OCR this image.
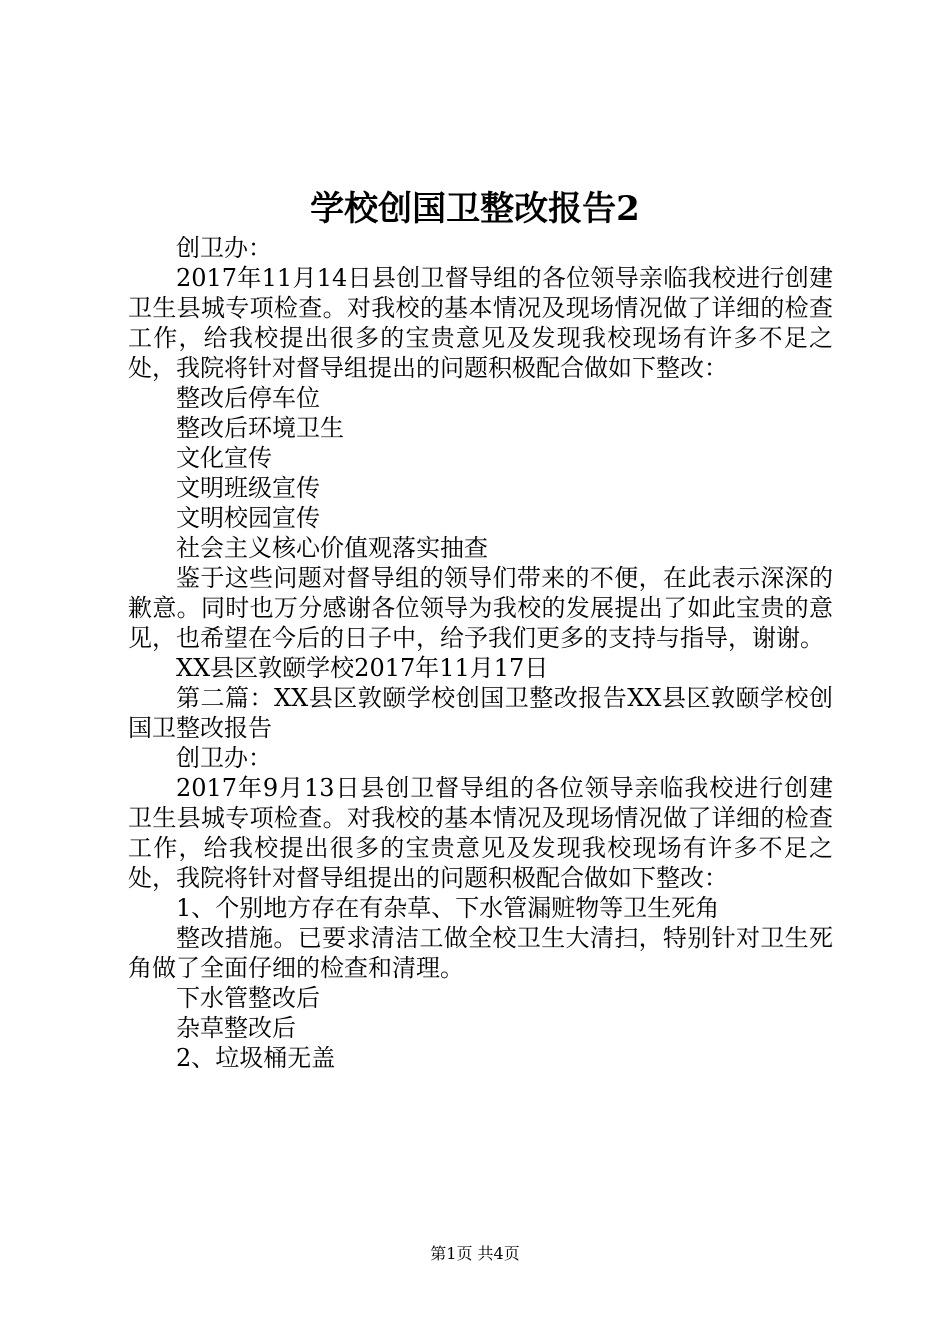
学校创国卫整改报告2

创卫办：

2017年11月14日县创卫督导组的各位领导亲临我校进行创建卫生县城专项检查。对我校的基本情况及现场情况做了详细的检查工作，给我校提出很多的宝贵意见及发现我校现场有许多不足之处，我院将针对督导组提出的问题积极配合做如下整改：

整改后停车位

整改后环境卫生

文化宣传

文明班级宣传

文明校园宣传

社会主义核心价值观落实抽查

鉴于这些问题对督导组的领导们带来的不便，在此表示深深的歉意。同时也万分感谢各位领导为我校的发展提出了如此宝贵的意见，也希望在今后的日子中，给予我们更多的支持与指导，谢谢。

XX县区敦颐学校2017年11月17日

第二篇：XX县区敦颐学校创国卫整改报告XX县区敦颐学校创国卫整改报告

创卫办：

2017年9月13日县创卫督导组的各位领导亲临我校进行创建卫生县城专项检查。对我校的基本情况及现场情况做了详细的检查工作，给我校提出很多的宝贵意见及发现我校现场有许多不足之处，我院将针对督导组提出的问题积极配合做如下整改：

1、个别地方存在有杂草、下水管漏赃物等卫生死角

整改措施。已要求清洁工做全校卫生大清扫，特别针对卫生死角做了全面仔细的检查和清理。

下水管整改后

杂草整改后

2、垃圾桶无盖

第1页 共4页
